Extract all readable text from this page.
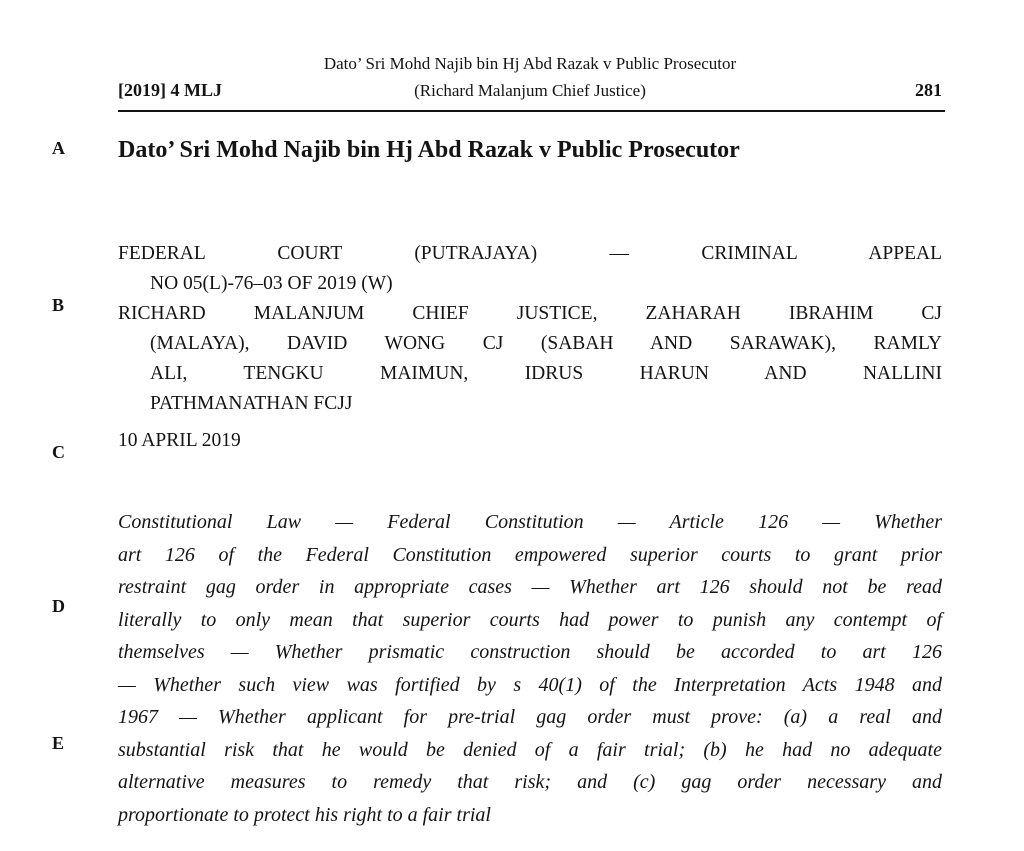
Dato’ Sri Mohd Najib bin Hj Abd Razak v Public Prosecutor
(Richard Malanjum Chief Justice)
[2019] 4 MLJ	281
A
B
C
D
E
Dato’ Sri Mohd Najib bin Hj Abd Razak v Public Prosecutor
FEDERAL COURT (PUTRAJAYA) — CRIMINAL APPEAL
NO 05(L)-76–03 OF 2019 (W)
RICHARD MALANJUM CHIEF JUSTICE, ZAHARAH IBRAHIM CJ
(MALAYA), DAVID WONG CJ (SABAH AND SARAWAK), RAMLY
ALI, TENGKU MAIMUN, IDRUS HARUN AND NALLINI
PATHMANATHAN FCJJ
10 APRIL 2019
Constitutional Law — Federal Constitution — Article 126 — Whether
art 126 of the Federal Constitution empowered superior courts to grant prior
restraint gag order in appropriate cases — Whether art 126 should not be read
literally to only mean that superior courts had power to punish any contempt of
themselves — Whether prismatic construction should be accorded to art 126
— Whether such view was fortified by s 40(1) of the Interpretation Acts 1948 and
1967 — Whether applicant for pre-trial gag order must prove: (a) a real and
substantial risk that he would be denied of a fair trial; (b) he had no adequate
alternative measures to remedy that risk; and (c) gag order necessary and
proportionate to protect his right to a fair trial
